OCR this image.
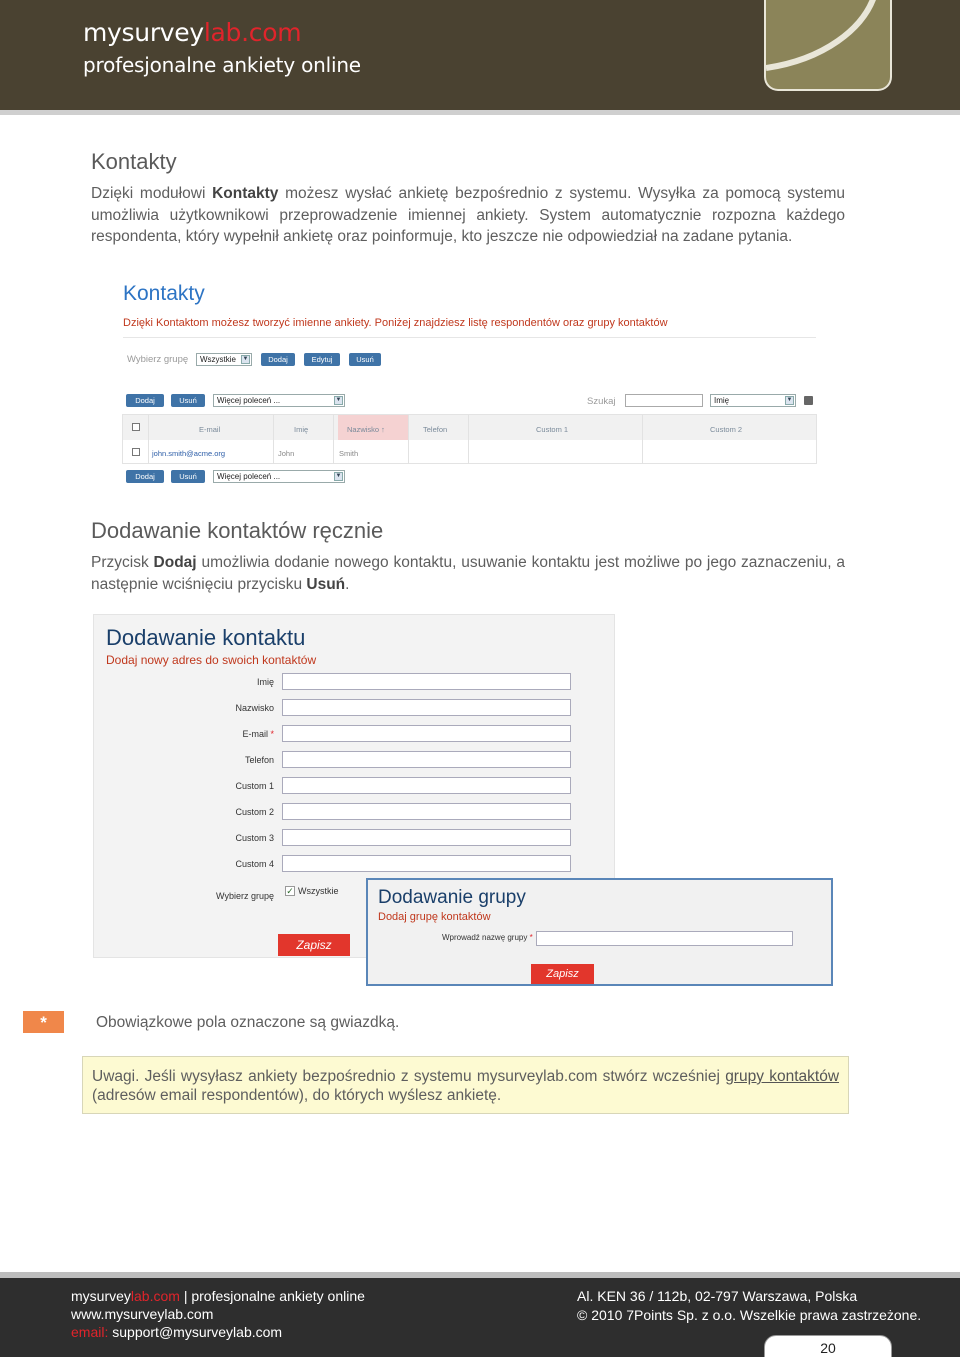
mysurveylab.com
profesjonalne ankiety online
Kontakty
Dzięki modułowi Kontakty możesz wysłać ankietę bezpośrednio z systemu. Wysyłka za pomocą systemu umożliwia użytkownikowi przeprowadzenie imiennej ankiety. System automatycznie rozpozna każdego respondenta, który wypełnił ankietę oraz poinformuje, kto jeszcze nie odpowiedział na zadane pytania.
Kontakty
Dzięki Kontaktom możesz tworzyć imienne ankiety. Poniżej znajdziesz listę respondentów oraz grupy kontaktów
Wybierz grupę	Wszystkie ▼	Dodaj	Edytuj	Usuń
Dodaj	Usuń	Więcej poleceń ...	▼	Szukaj	Imię	▼
E-mail	Imię	Nazwisko ↑	Telefon	Custom 1	Custom 2
john.smith@acme.org	John	Smith
Dodaj	Usuń	Więcej poleceń ...	▼
Dodawanie kontaktów ręcznie
Przycisk Dodaj umożliwia dodanie nowego kontaktu, usuwanie kontaktu jest możliwe po jego zaznaczeniu, a następnie wciśnięciu przycisku Usuń.
Dodawanie kontaktu
Dodaj nowy adres do swoich kontaktów
Imię
Nazwisko
E-mail *
Telefon
Custom 1
Custom 2
Custom 3
Custom 4
Wybierz grupę ✓ Wszystkie
Zapisz
Dodawanie grupy
Dodaj grupę kontaktów
Wprowadź nazwę grupy *
Zapisz
*	Obowiązkowe pola oznaczone są gwiazdką.
Uwagi. Jeśli wysyłasz ankiety bezpośrednio z systemu mysurveylab.com stwórz wcześniej grupy kontaktów (adresów email respondentów), do których wyślesz ankietę.
mysurveylab.com | profesjonalne ankiety online
www.mysurveylab.com
email: support@mysurveylab.com
Al. KEN 36 / 112b, 02-797 Warszawa, Polska
© 2010 7Points Sp. z o.o. Wszelkie prawa zastrzeżone.
20
